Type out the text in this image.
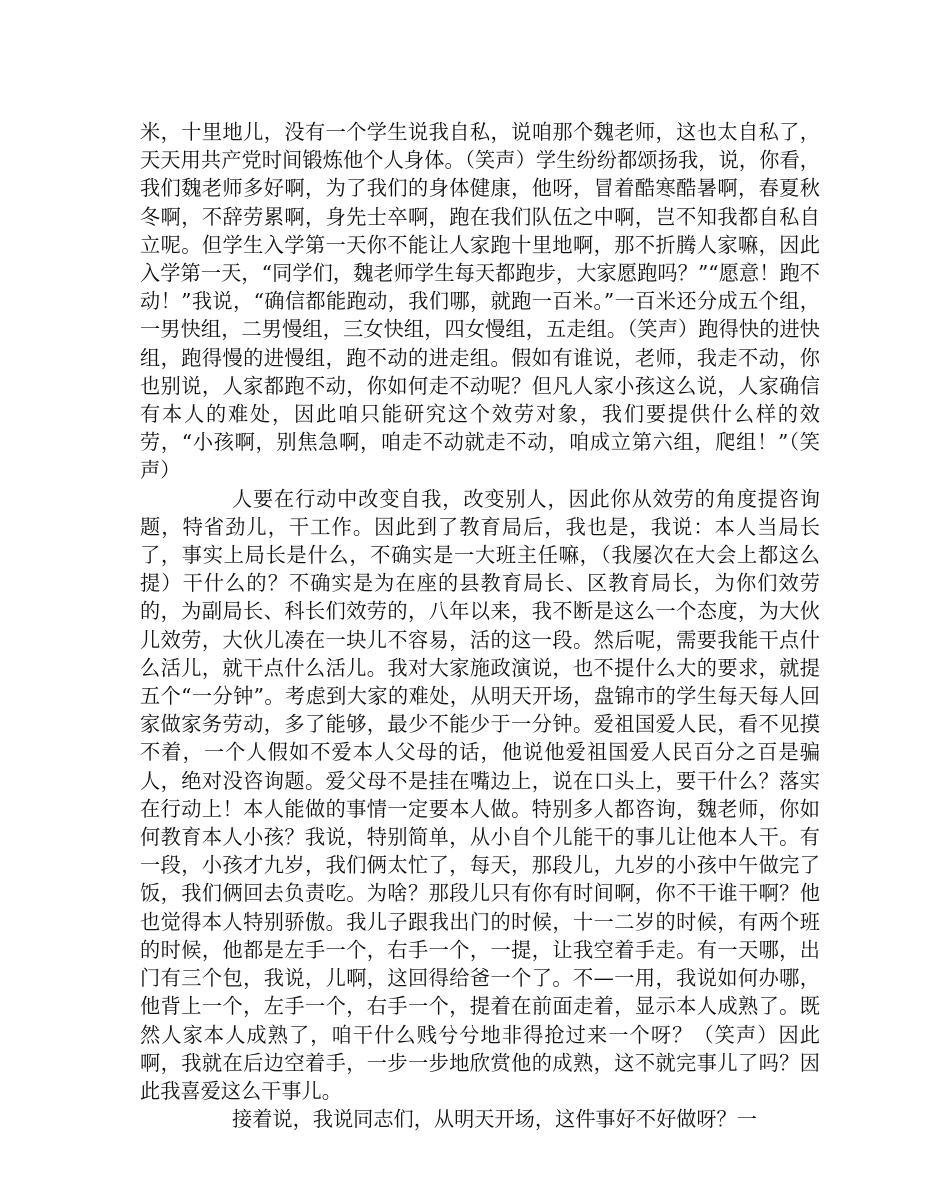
米，十里地儿，没有一个学生说我自私，说咱那个魏老师，这也太自私了，天天用共产党时间锻炼他个人身体。（笑声）学生纷纷都颂扬我，说，你看，我们魏老师多好啊，为了我们的身体健康，他呀，冒着酷寒酷暑啊，春夏秋冬啊，不辞劳累啊，身先士卒啊，跑在我们队伍之中啊，岂不知我都自私自立呢。但学生入学第一天你不能让人家跑十里地啊，那不折腾人家嘛，因此入学第一天，“同学们，魏老师学生每天都跑步，大家愿跑吗？”“愿意！跑不动！”我说，“确信都能跑动，我们哪，就跑一百米。”一百米还分成五个组，一男快组，二男慢组，三女快组，四女慢组，五走组。（笑声）跑得快的进快组，跑得慢的进慢组，跑不动的进走组。假如有谁说，老师，我走不动，你也别说，人家都跑不动，你如何走不动呢？但凡人家小孩这么说，人家确信有本人的难处，因此咱只能研究这个效劳对象，我们要提供什么样的效劳，“小孩啊，别焦急啊，咱走不动就走不动，咱成立第六组，爬组！”（笑声）

人要在行动中改变自我，改变别人，因此你从效劳的角度提咨询题，特省劲儿，干工作。因此到了教育局后，我也是，我说：本人当局长了，事实上局长是什么，不确实是一大班主任嘛，（我屡次在大会上都这么提）干什么的？不确实是为在座的县教育局长、区教育局长，为你们效劳的，为副局长、科长们效劳的，八年以来，我不断是这么一个态度，为大伙儿效劳，大伙儿凑在一块儿不容易，活的这一段。然后呢，需要我能干点什么活儿，就干点什么活儿。我对大家施政演说，也不提什么大的要求，就提五个“一分钟”。考虑到大家的难处，从明天开场，盘锦市的学生每天每人回家做家务劳动，多了能够，最少不能少于一分钟。爱祖国爱人民，看不见摸不着，一个人假如不爱本人父母的话，他说他爱祖国爱人民百分之百是骗人，绝对没咨询题。爱父母不是挂在嘴边上，说在口头上，要干什么？落实在行动上！本人能做的事情一定要本人做。特别多人都咨询，魏老师，你如何教育本人小孩？我说，特别简单，从小自个儿能干的事儿让他本人干。有一段，小孩才九岁，我们俩太忙了，每天，那段儿，九岁的小孩中午做完了饭，我们俩回去负责吃。为啥？那段儿只有你有时间啊，你不干谁干啊？他也觉得本人特别骄傲。我儿子跟我出门的时候，十一二岁的时候，有两个班的时候，他都是左手一个，右手一个，一提，让我空着手走。有一天哪，出门有三个包，我说，儿啊，这回得给爸一个了。不—一用，我说如何办哪，他背上一个，左手一个，右手一个，提着在前面走着，显示本人成熟了。既然人家本人成熟了，咱干什么贱兮兮地非得抢过来一个呀？（笑声）因此啊，我就在后边空着手，一步一步地欣赏他的成熟，这不就完事儿了吗？因此我喜爱这么干事儿。

接着说，我说同志们，从明天开场，这件事好不好做呀？一
